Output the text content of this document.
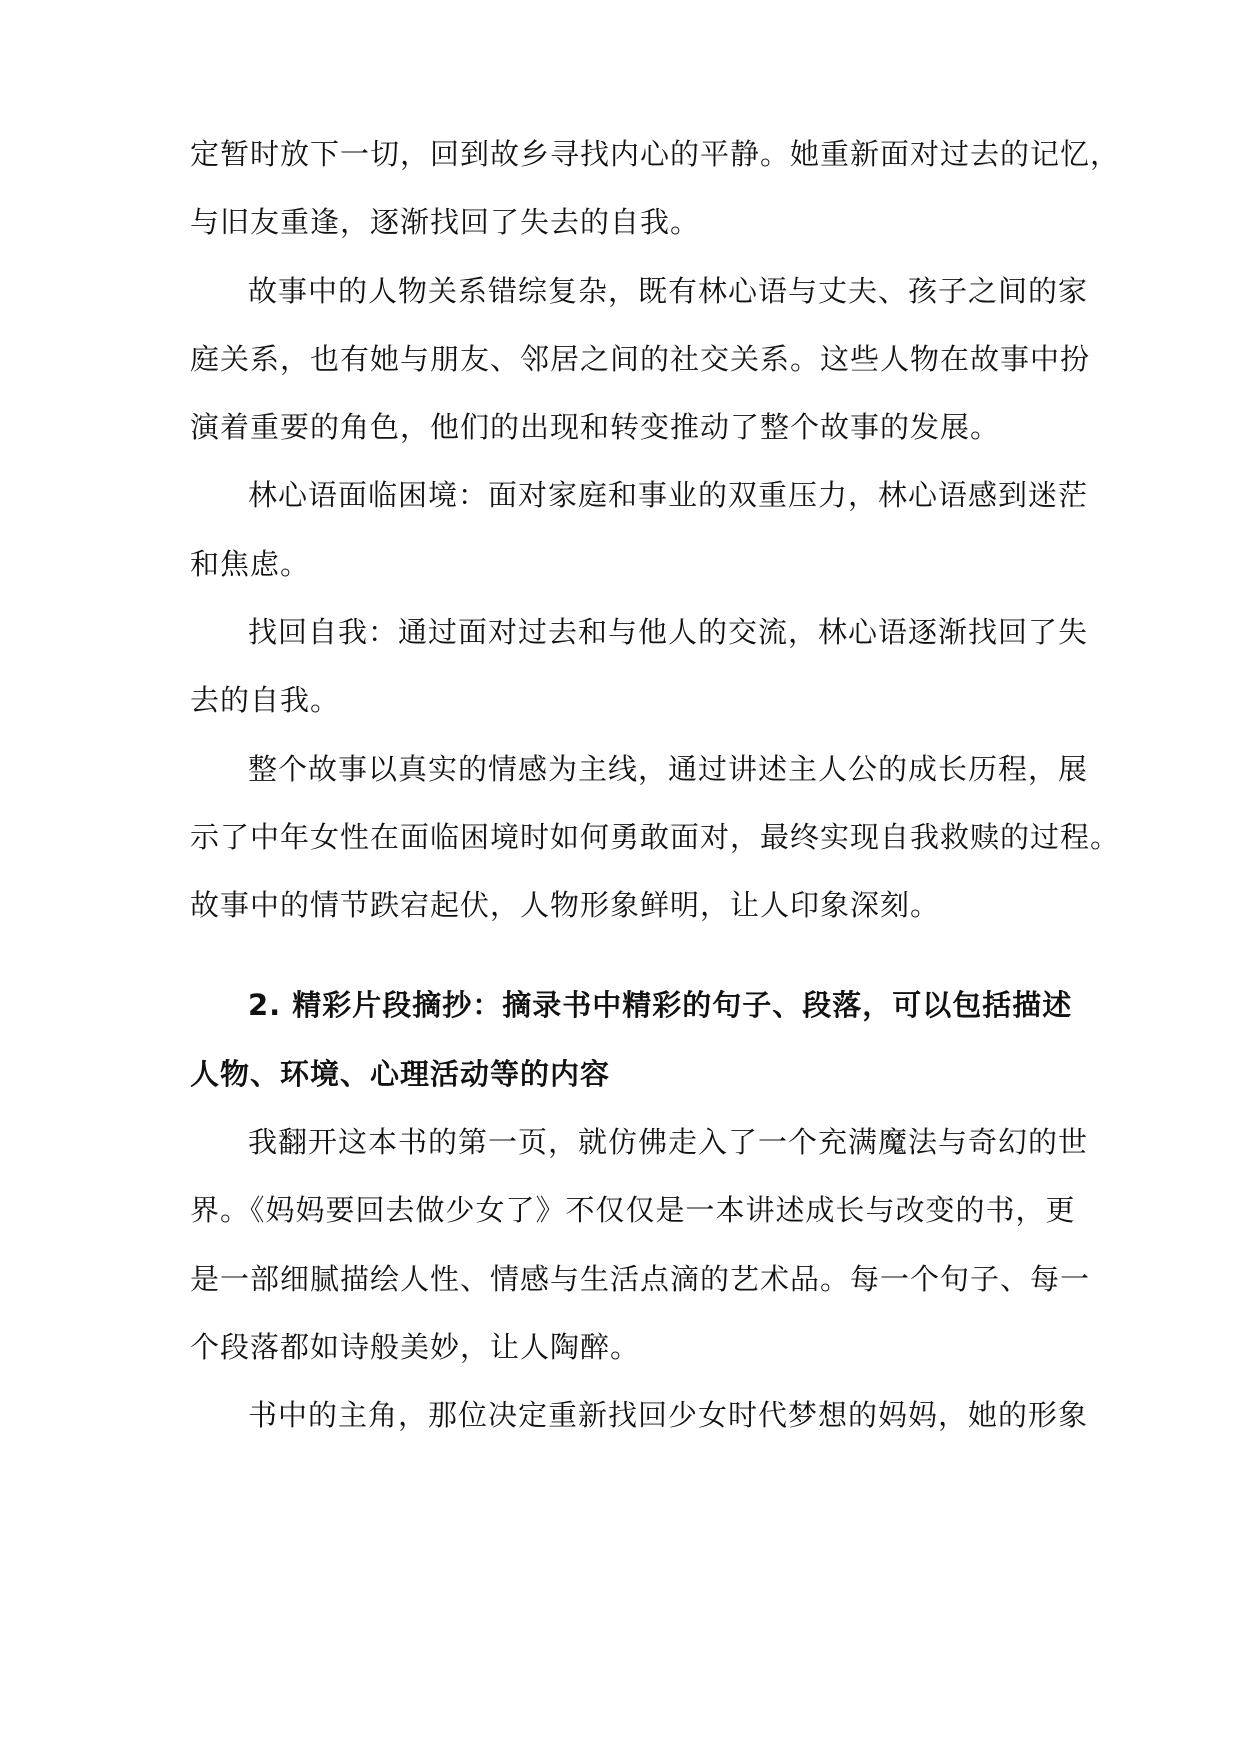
定暂时放下一切，回到故乡寻找内心的平静。她重新面对过去的记忆，
与旧友重逢，逐渐找回了失去的自我。
故事中的人物关系错综复杂，既有林心语与丈夫、孩子之间的家
庭关系，也有她与朋友、邻居之间的社交关系。这些人物在故事中扮
演着重要的角色，他们的出现和转变推动了整个故事的发展。
林心语面临困境：面对家庭和事业的双重压力，林心语感到迷茫
和焦虑。
找回自我：通过面对过去和与他人的交流，林心语逐渐找回了失
去的自我。
整个故事以真实的情感为主线，通过讲述主人公的成长历程，展
示了中年女性在面临困境时如何勇敢面对，最终实现自我救赎的过程。
故事中的情节跌宕起伏，人物形象鲜明，让人印象深刻。
2. 精彩片段摘抄：摘录书中精彩的句子、段落，可以包括描述
人物、环境、心理活动等的内容
我翻开这本书的第一页，就仿佛走入了一个充满魔法与奇幻的世
界。《妈妈要回去做少女了》不仅仅是一本讲述成长与改变的书，更
是一部细腻描绘人性、情感与生活点滴的艺术品。每一个句子、每一
个段落都如诗般美妙，让人陶醉。
书中的主角，那位决定重新找回少女时代梦想的妈妈，她的形象
